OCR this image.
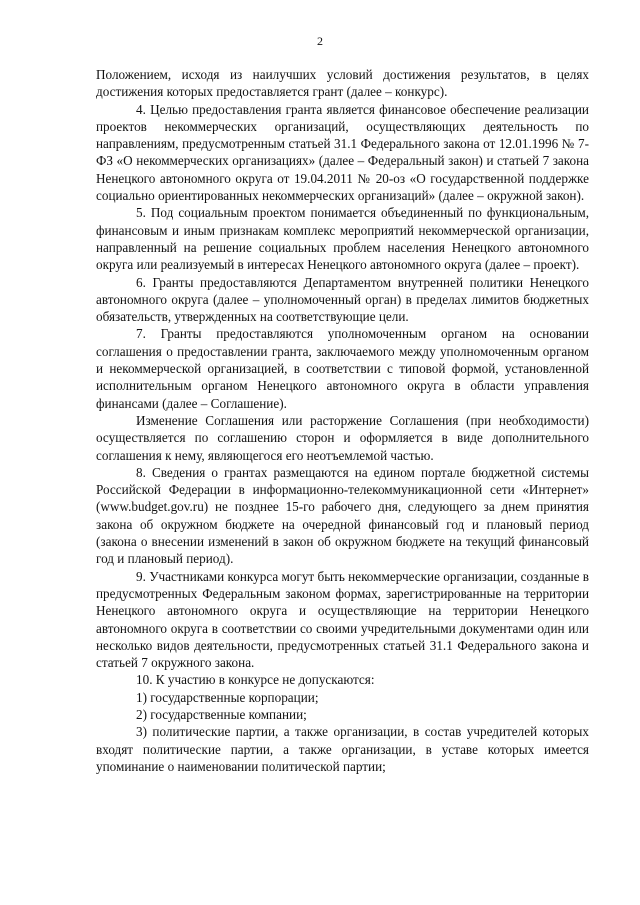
2

Положением, исходя из наилучших условий достижения результатов, в целях достижения которых предоставляется грант (далее – конкурс).

4. Целью предоставления гранта является финансовое обеспечение реализации проектов некоммерческих организаций, осуществляющих деятельность по направлениям, предусмотренным статьей 31.1 Федерального закона от 12.01.1996 № 7-ФЗ «О некоммерческих организациях» (далее – Федеральный закон) и статьей 7 закона Ненецкого автономного округа от 19.04.2011 № 20-оз «О государственной поддержке социально ориентированных некоммерческих организаций» (далее – окружной закон).

5. Под социальным проектом понимается объединенный по функциональным, финансовым и иным признакам комплекс мероприятий некоммерческой организации, направленный на решение социальных проблем населения Ненецкого автономного округа или реализуемый в интересах Ненецкого автономного округа (далее – проект).

6. Гранты предоставляются Департаментом внутренней политики Ненецкого автономного округа (далее – уполномоченный орган) в пределах лимитов бюджетных обязательств, утвержденных на соответствующие цели.

7. Гранты предоставляются уполномоченным органом на основании соглашения о предоставлении гранта, заключаемого между уполномоченным органом и некоммерческой организацией, в соответствии с типовой формой, установленной исполнительным органом Ненецкого автономного округа в области управления финансами (далее – Соглашение).

Изменение Соглашения или расторжение Соглашения (при необходимости) осуществляется по соглашению сторон и оформляется в виде дополнительного соглашения к нему, являющегося его неотъемлемой частью.

8. Сведения о грантах размещаются на едином портале бюджетной системы Российской Федерации в информационно-телекоммуникационной сети «Интернет» (www.budget.gov.ru) не позднее 15-го рабочего дня, следующего за днем принятия закона об окружном бюджете на очередной финансовый год и плановый период (закона о внесении изменений в закон об окружном бюджете на текущий финансовый год и плановый период).

9. Участниками конкурса могут быть некоммерческие организации, созданные в предусмотренных Федеральным законом формах, зарегистрированные на территории Ненецкого автономного округа и осуществляющие на территории Ненецкого автономного округа в соответствии со своими учредительными документами один или несколько видов деятельности, предусмотренных статьей 31.1 Федерального закона и статьей 7 окружного закона.

10. К участию в конкурсе не допускаются:

1) государственные корпорации;

2) государственные компании;

3) политические партии, а также организации, в состав учредителей которых входят политические партии, а также организации, в уставе которых имеется упоминание о наименовании политической партии;
